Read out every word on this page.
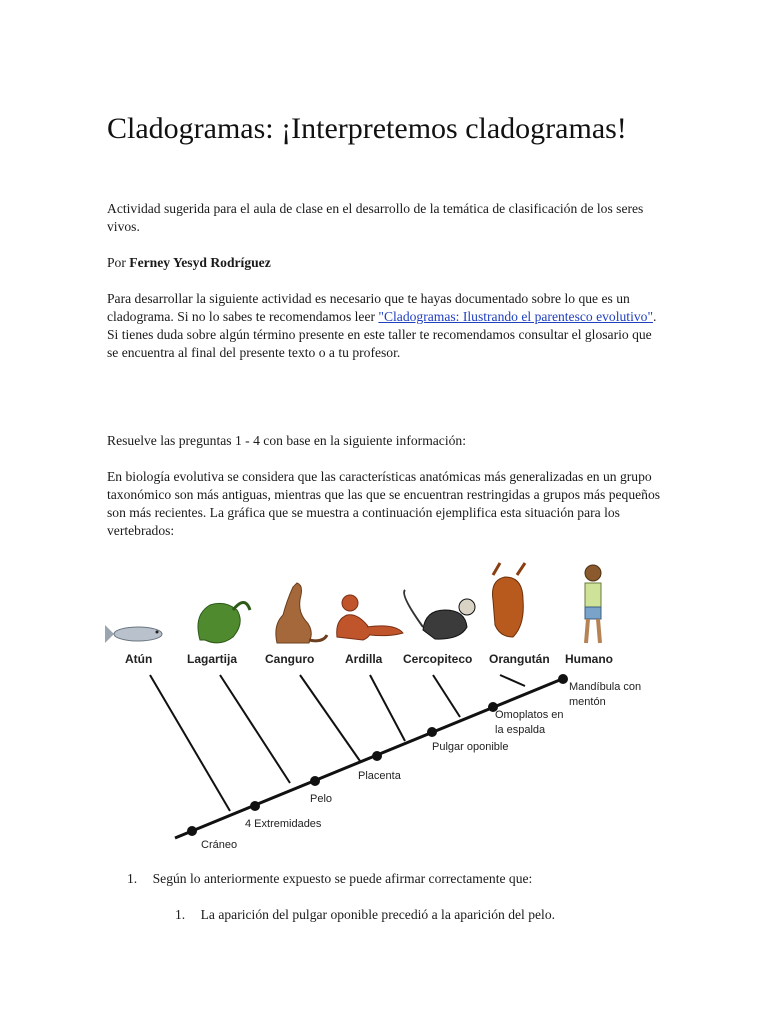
Cladogramas: ¡Interpretemos cladogramas!

Actividad sugerida para el aula de clase en el desarrollo de la temática de clasificación de los seres vivos.

Por Ferney Yesyd Rodríguez

Para desarrollar la siguiente actividad es necesario que te hayas documentado sobre lo que es un cladograma. Si no lo sabes te recomendamos leer "Cladogramas: Ilustrando el parentesco evolutivo". Si tienes duda sobre algún término presente en este taller te recomendamos consultar el glosario que se encuentra al final del presente texto o a tu profesor.

Resuelve las preguntas 1 - 4 con base en la siguiente información:

En biología evolutiva se considera que las características anatómicas más generalizadas en un grupo taxonómico son más antiguas, mientras que las que se encuentran restringidas a grupos más pequeños son más recientes. La gráfica que se muestra a continuación ejemplifica esta situación para los vertebrados:

Atún	Lagartija Canguro	Ardilla Cercopiteco Orangután Humano
Cráneo
4 Extremidades
Pelo
Placenta
Pulgar oponible
Omoplatos en
la espalda
Mandíbula con
mentón
1. Según lo anteriormente expuesto se puede afirmar correctamente que:
1. La aparición del pulgar oponible precedió a la aparición del pelo.
